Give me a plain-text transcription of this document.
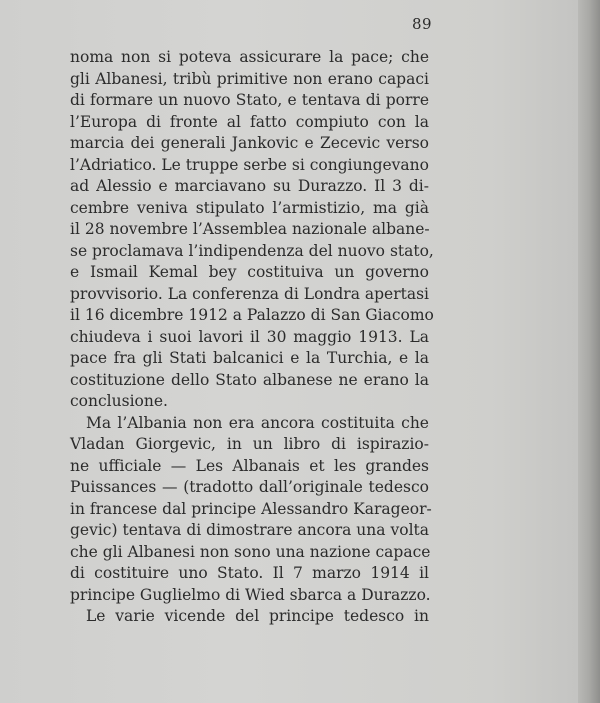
89
noma non si poteva assicurare la pace; che
gli Albanesi, tribù primitive non erano capaci
di formare un nuovo Stato, e tentava di porre
l’Europa di fronte al fatto compiuto con la
marcia dei generali Jankovic e Zecevic verso
l’Adriatico. Le truppe serbe si congiungevano
ad Alessio e marciavano su Durazzo. Il 3 di-
cembre veniva stipulato l’armistizio, ma già
il 28 novembre l’Assemblea nazionale albane-
se proclamava l’indipendenza del nuovo stato,
e Ismail Kemal bey costituiva un governo
provvisorio. La conferenza di Londra apertasi
il 16 dicembre 1912 a Palazzo di San Giacomo
chiudeva i suoi lavori il 30 maggio 1913. La
pace fra gli Stati balcanici e la Turchia, e la
costituzione dello Stato albanese ne erano la
conclusione.
Ma l’Albania non era ancora costituita che
Vladan Giorgevic, in un libro di ispirazio-
ne ufficiale — Les Albanais et les grandes
Puissances — (tradotto dall’originale tedesco
in francese dal principe Alessandro Karageor-
gevic) tentava di dimostrare ancora una volta
che gli Albanesi non sono una nazione capace
di costituire uno Stato. Il 7 marzo 1914 il
principe Guglielmo di Wied sbarca a Durazzo.
Le varie vicende del principe tedesco in
